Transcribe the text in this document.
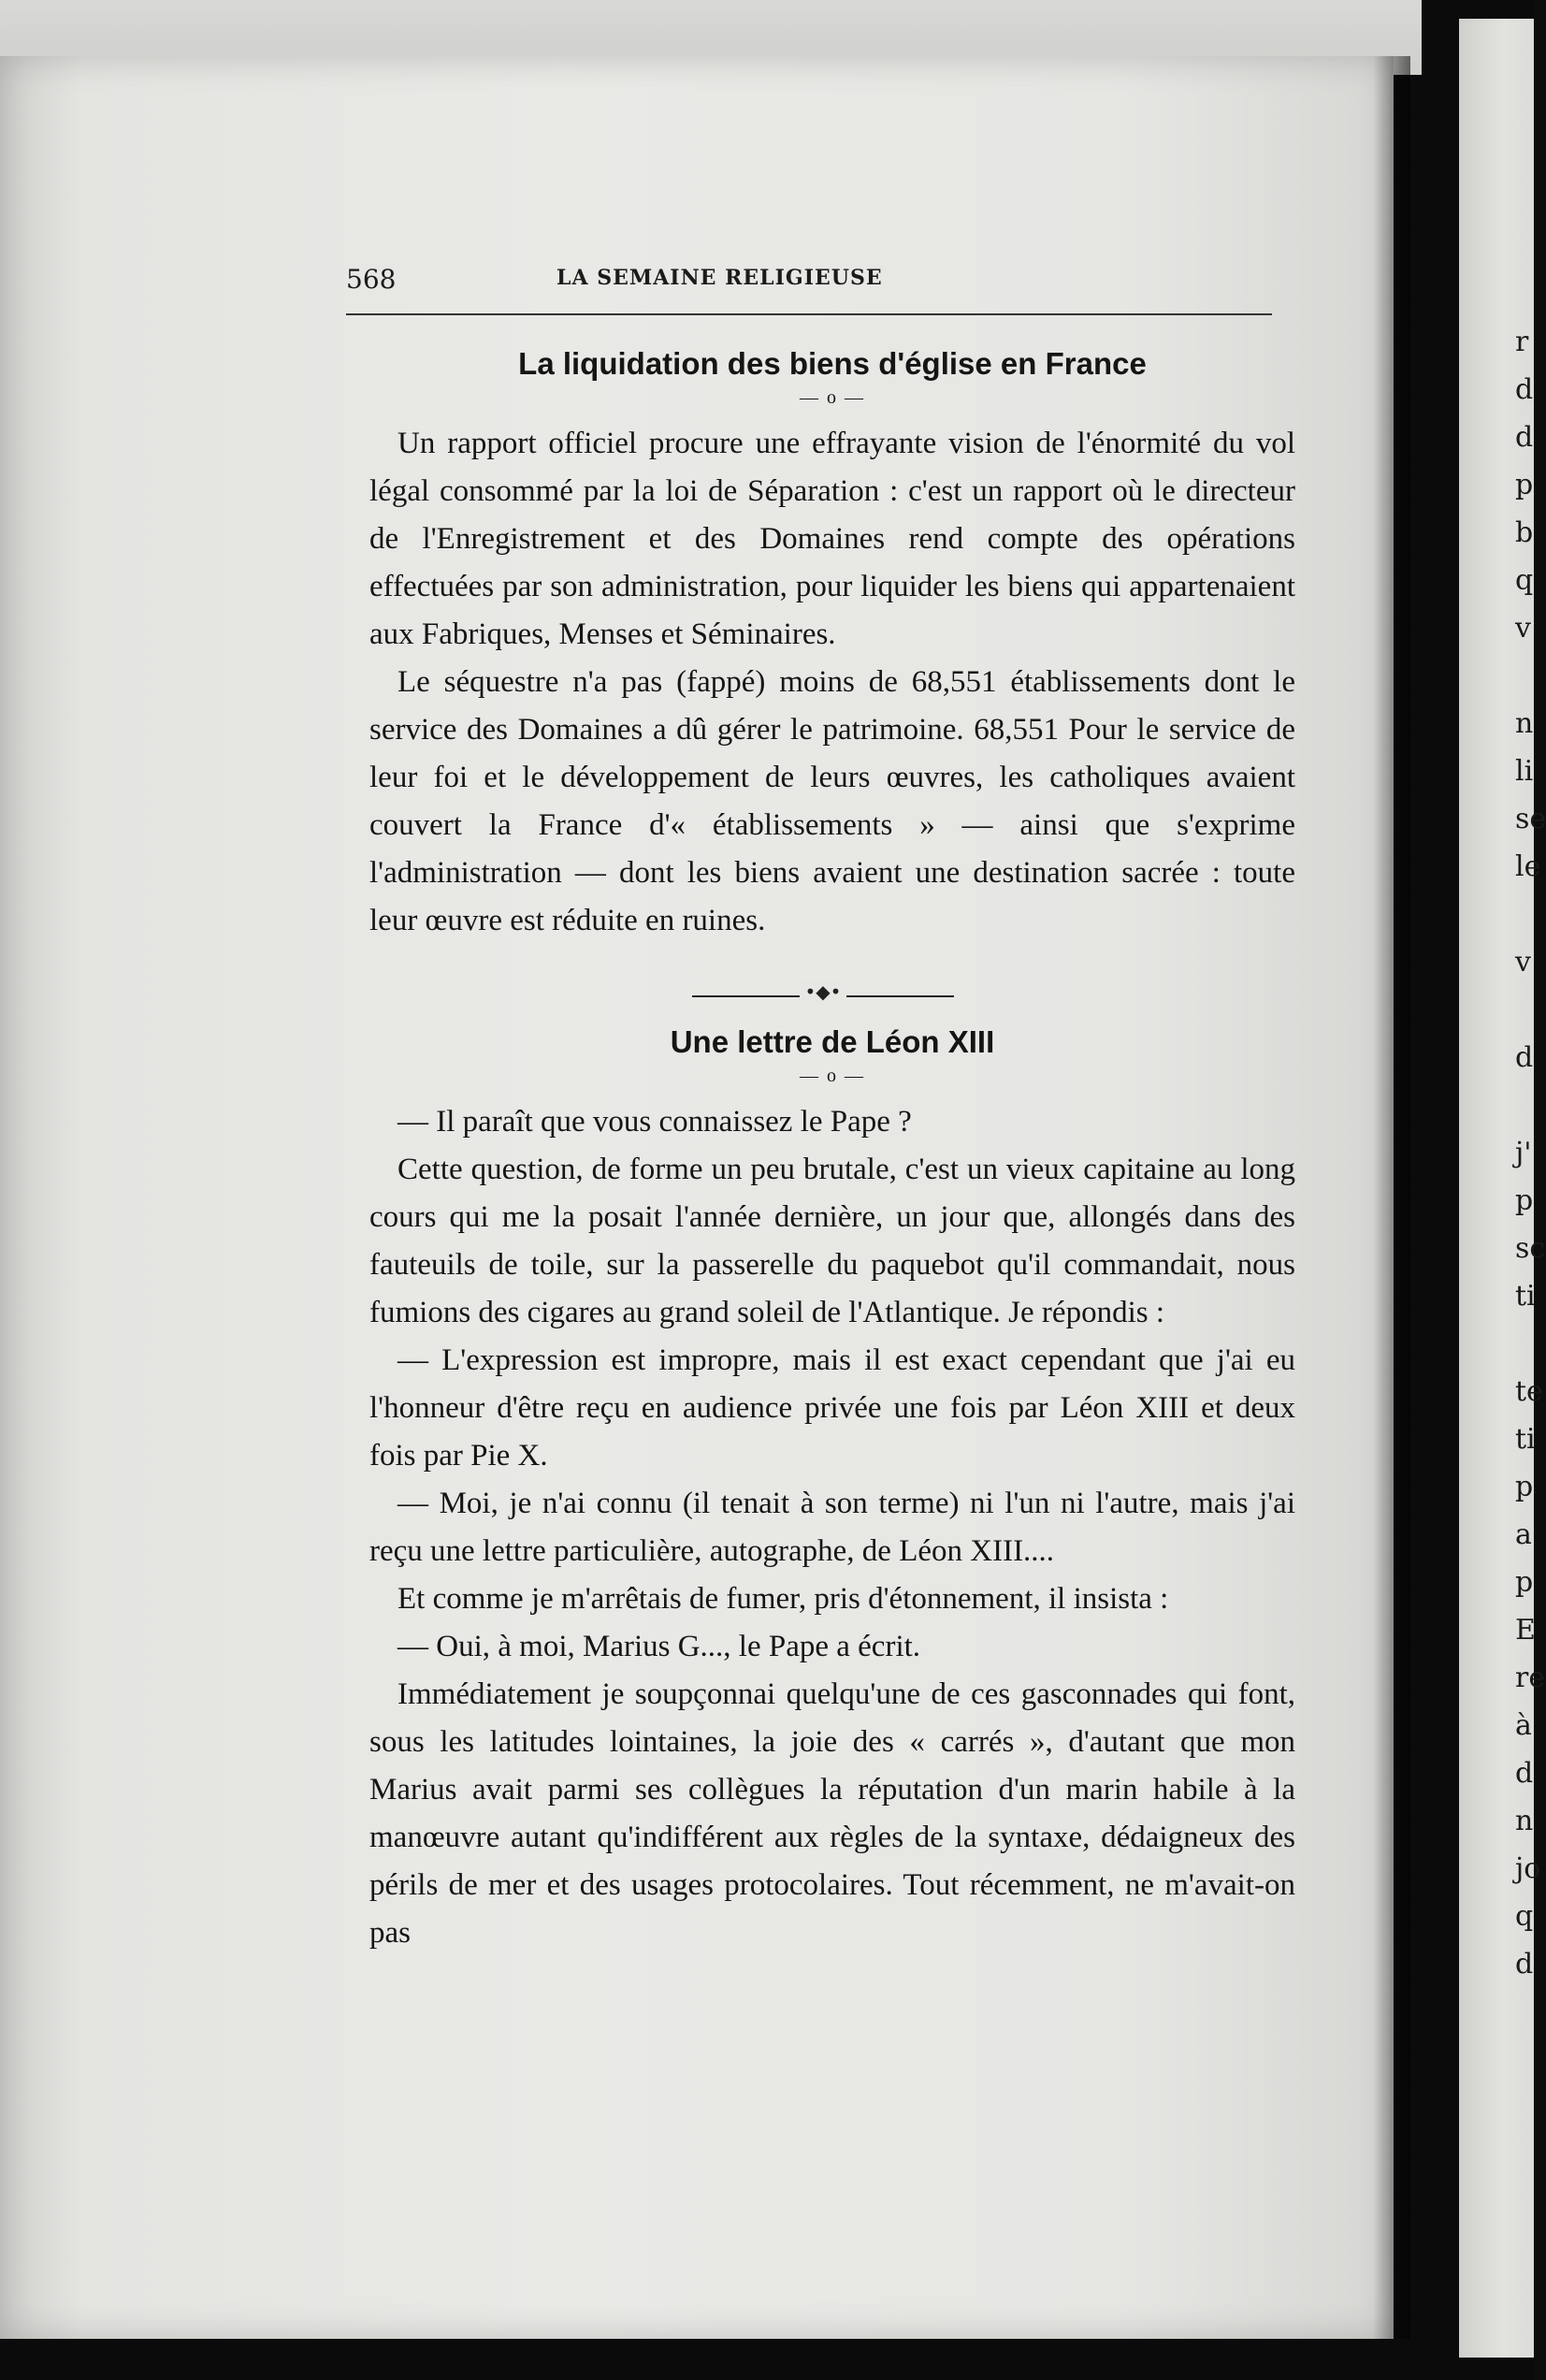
r
d
d
p
b
q
v
n
li
se
le
v
d
j'
p
sc
ti
te
ti
p
a
p
E
re
à
d
n
jo
q
d
568	LA SEMAINE RELIGIEUSE
La liquidation des biens d'église en France
— o —

Un rapport officiel procure une effrayante vision de l'énormité du vol légal consommé par la loi de Séparation : c'est un rapport où le directeur de l'Enregistrement et des Domaines rend compte des opérations effectuées par son administration, pour liquider les biens qui appartenaient aux Fabriques, Menses et Séminaires.

Le séquestre n'a pas (fappé) moins de 68,551 établissements dont le service des Domaines a dû gérer le patrimoine. 68,551 Pour le service de leur foi et le développement de leurs œuvres, les catholiques avaient couvert la France d'« établissements » — ainsi que s'exprime l'administration — dont les biens avaient une destination sacrée : toute leur œuvre est réduite en ruines.

•◆•
Une lettre de Léon XIII
— o —

— Il paraît que vous connaissez le Pape ?

Cette question, de forme un peu brutale, c'est un vieux capitaine au long cours qui me la posait l'année dernière, un jour que, allongés dans des fauteuils de toile, sur la passerelle du paquebot qu'il commandait, nous fumions des cigares au grand soleil de l'Atlantique. Je répondis :

— L'expression est impropre, mais il est exact cependant que j'ai eu l'honneur d'être reçu en audience privée une fois par Léon XIII et deux fois par Pie X.

— Moi, je n'ai connu (il tenait à son terme) ni l'un ni l'autre, mais j'ai reçu une lettre particulière, autographe, de Léon XIII....

Et comme je m'arrêtais de fumer, pris d'étonnement, il insista :

— Oui, à moi, Marius G..., le Pape a écrit.

Immédiatement je soupçonnai quelqu'une de ces gasconnades qui font, sous les latitudes lointaines, la joie des « carrés », d'autant que mon Marius avait parmi ses collègues la réputation d'un marin habile à la manœuvre autant qu'indifférent aux règles de la syntaxe, dédaigneux des périls de mer et des usages protocolaires. Tout récemment, ne m'avait-on pas
